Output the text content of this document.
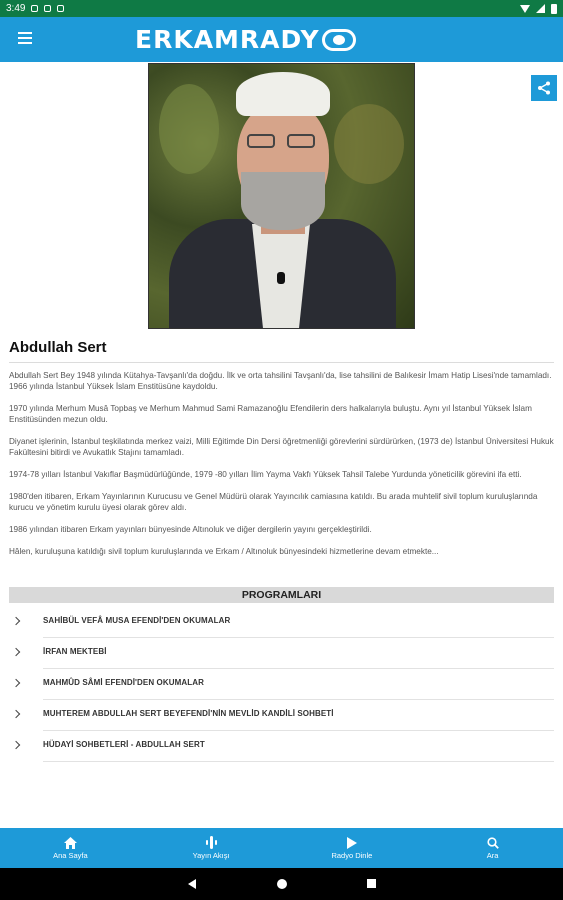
3:49
ERKAMRADY
Abdullah Sert

Abdullah Sert Bey 1948 yılında Kütahya-Tavşanlı'da doğdu. İlk ve orta tahsilini Tavşanlı'da, lise tahsilini de Balıkesir İmam Hatip Lisesi'nde tamamladı. 1966 yılında İstanbul Yüksek İslam Enstitüsüne kaydoldu.

1970 yılında Merhum Musâ Topbaş ve Merhum Mahmud Sami Ramazanoğlu Efendilerin ders halkalarıyla buluştu. Aynı yıl İstanbul Yüksek İslam Enstitüsünden mezun oldu.

Diyanet işlerinin, İstanbul teşkilatında merkez vaizi, Milli Eğitimde Din Dersi öğretmenliği görevlerini sürdürürken, (1973 de) İstanbul Üniversitesi Hukuk Fakültesini bitirdi ve Avukatlık Stajını tamamladı.

1974-78 yılları İstanbul Vakıflar Başmüdürlüğünde, 1979 -80 yılları İlim Yayma Vakfı Yüksek Tahsil Talebe Yurdunda yöneticilik görevini ifa etti.

1980'den itibaren, Erkam Yayınlarının Kurucusu ve Genel Müdürü olarak Yayıncılık camiasına katıldı. Bu arada muhtelif sivil toplum kuruluşlarında kurucu ve yönetim kurulu üyesi olarak görev aldı.

1986 yılından itibaren Erkam yayınları bünyesinde Altınoluk ve diğer dergilerin yayını gerçekleştirildi.

Hâlen, kuruluşuna katıldığı sivil toplum kuruluşlarında ve Erkam / Altınoluk bünyesindeki hizmetlerine devam etmekte...

PROGRAMLARI
SAHİBÜL VEFÂ MUSA EFENDİ'DEN OKUMALAR
İRFAN MEKTEBİ
MAHMÛD SÂMİ EFENDİ'DEN OKUMALAR
MUHTEREM ABDULLAH SERT BEYEFENDİ'NİN MEVLİD KANDİLİ SOHBETİ
HÜDAYİ SOHBETLERİ - ABDULLAH SERT
Ana Sayfa	Yayın Akışı	Radyo Dinle	Ara
